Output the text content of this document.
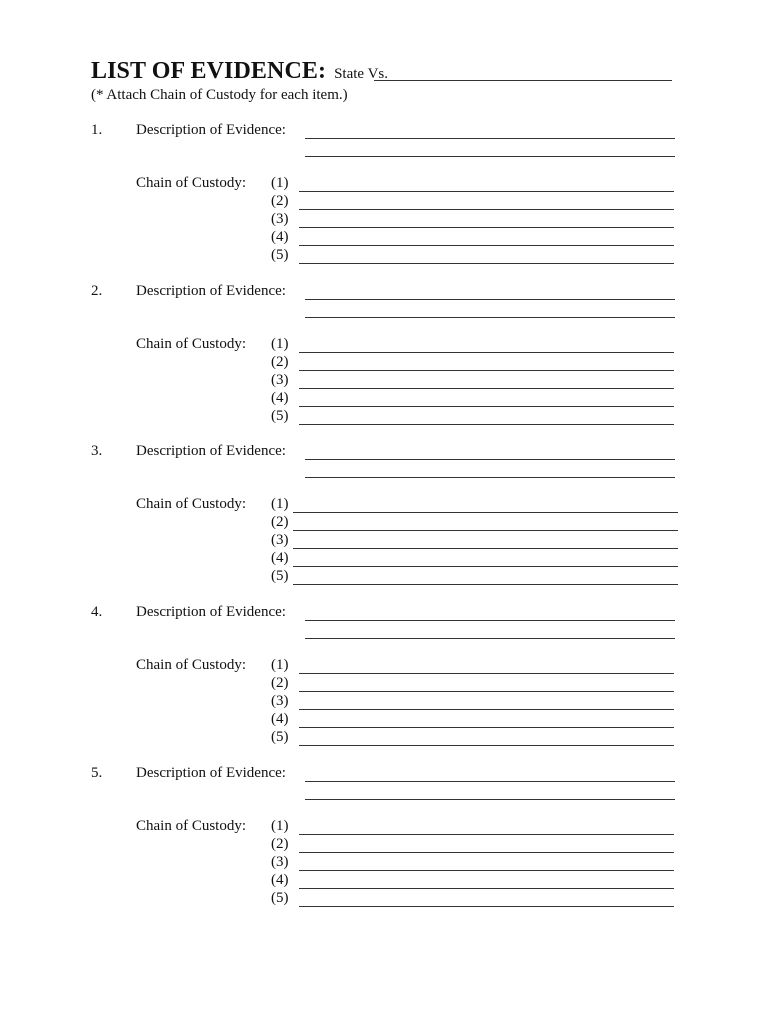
LIST OF EVIDENCE: State Vs.
(* Attach Chain of Custody for each item.)
1. Description of Evidence:
Chain of Custody: (1)
(2)
(3)
(4)
(5)
2. Description of Evidence:
Chain of Custody: (1)
(2)
(3)
(4)
(5)
3. Description of Evidence:
Chain of Custody: (1)
(2)
(3)
(4)
(5)
4. Description of Evidence:
Chain of Custody: (1)
(2)
(3)
(4)
(5)
5. Description of Evidence:
Chain of Custody: (1)
(2)
(3)
(4)
(5)
